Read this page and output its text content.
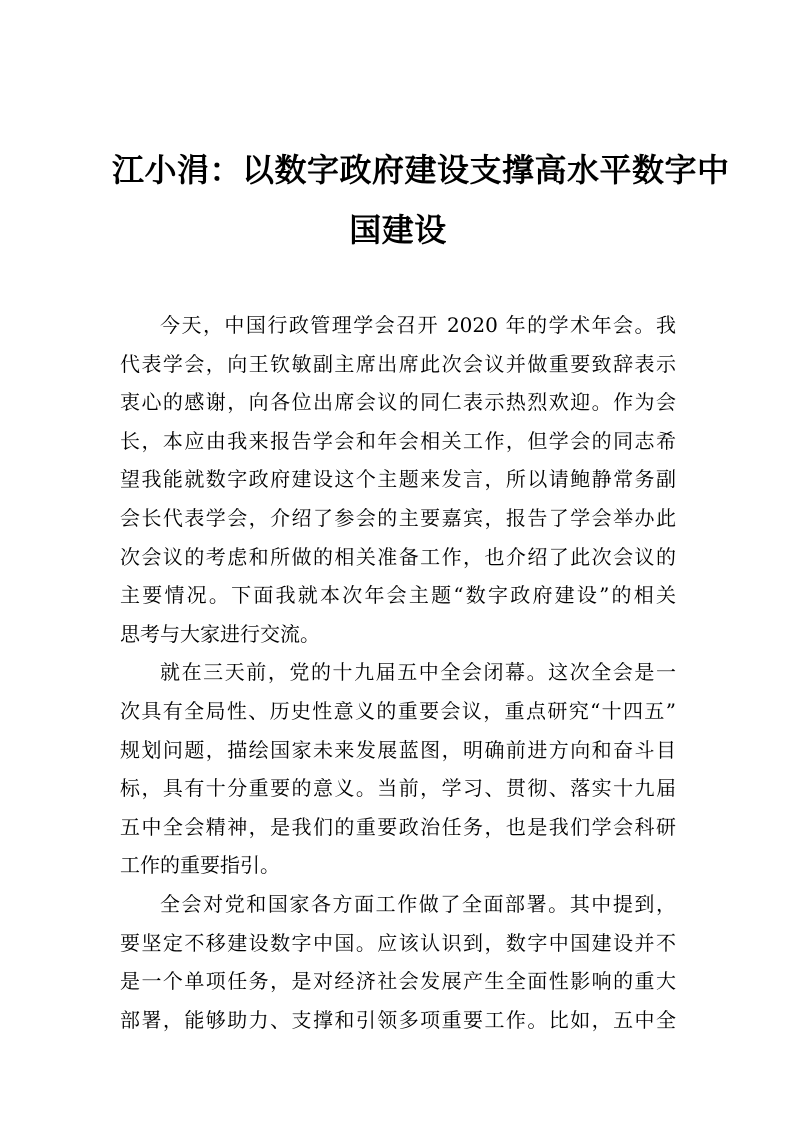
江小涓：以数字政府建设支撑高水平数字中
国建设
今天，中国行政管理学会召开 2020 年的学术年会。我
代表学会，向王钦敏副主席出席此次会议并做重要致辞表示
衷心的感谢，向各位出席会议的同仁表示热烈欢迎。作为会
长，本应由我来报告学会和年会相关工作，但学会的同志希
望我能就数字政府建设这个主题来发言，所以请鲍静常务副
会长代表学会，介绍了参会的主要嘉宾，报告了学会举办此
次会议的考虑和所做的相关准备工作，也介绍了此次会议的
主要情况。下面我就本次年会主题“数字政府建设”的相关
思考与大家进行交流。
就在三天前，党的十九届五中全会闭幕。这次全会是一
次具有全局性、历史性意义的重要会议，重点研究“十四五”
规划问题，描绘国家未来发展蓝图，明确前进方向和奋斗目
标，具有十分重要的意义。当前，学习、贯彻、落实十九届
五中全会精神，是我们的重要政治任务，也是我们学会科研
工作的重要指引。
全会对党和国家各方面工作做了全面部署。其中提到，
要坚定不移建设数字中国。应该认识到，数字中国建设并不
是一个单项任务，是对经济社会发展产生全面性影响的重大
部署，能够助力、支撑和引领多项重要工作。比如，五中全
